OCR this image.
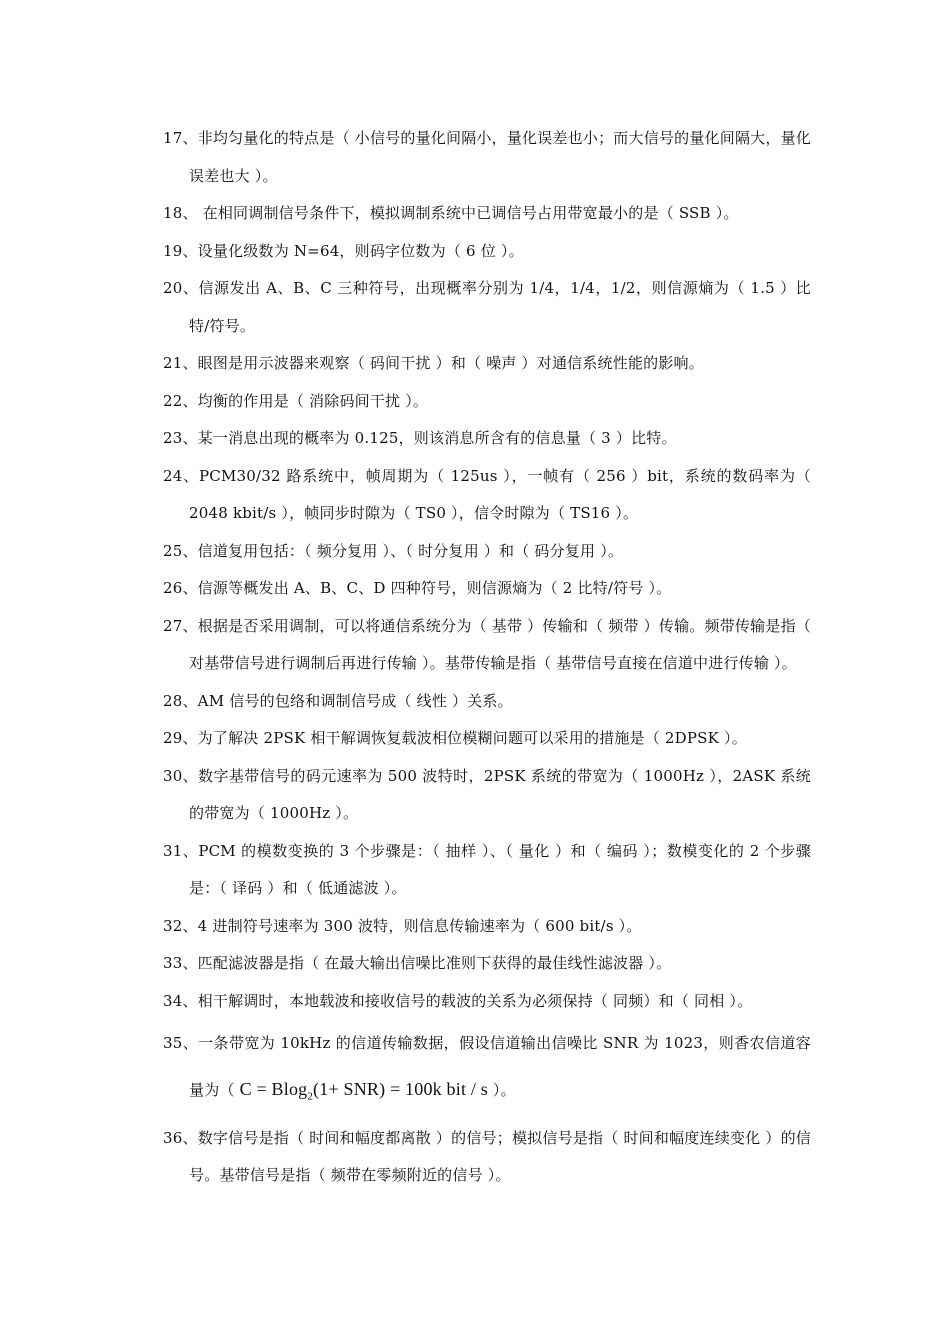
17、非均匀量化的特点是（ 小信号的量化间隔小，量化误差也小；而大信号的量化间隔大，量化误差也大 ）。
18、 在相同调制信号条件下，模拟调制系统中已调信号占用带宽最小的是（ SSB ）。
19、设量化级数为 N=64，则码字位数为（ 6 位 ）。
20、信源发出 A、B、C 三种符号，出现概率分别为 1/4，1/4，1/2，则信源熵为（ 1.5 ）比特/符号。
21、眼图是用示波器来观察（ 码间干扰 ）和（ 噪声 ）对通信系统性能的影响。
22、均衡的作用是（ 消除码间干扰 ）。
23、某一消息出现的概率为 0.125，则该消息所含有的信息量（ 3 ）比特。
24、PCM30/32 路系统中，帧周期为（ 125us ），一帧有（ 256 ）bit，系统的数码率为（ 2048 kbit/s ），帧同步时隙为（ TS0 ），信令时隙为（ TS16 ）。
25、信道复用包括：（ 频分复用 ）、（ 时分复用 ）和（ 码分复用 ）。
26、信源等概发出 A、B、C、D 四种符号，则信源熵为（ 2 比特/符号 ）。
27、根据是否采用调制，可以将通信系统分为（ 基带 ）传输和（ 频带 ）传输。频带传输是指（ 对基带信号进行调制后再进行传输 ）。基带传输是指（ 基带信号直接在信道中进行传输 ）。
28、AM 信号的包络和调制信号成（ 线性 ）关系。
29、为了解决 2PSK 相干解调恢复载波相位模糊问题可以采用的措施是（ 2DPSK ）。
30、数字基带信号的码元速率为 500 波特时，2PSK 系统的带宽为（ 1000Hz ），2ASK 系统的带宽为（ 1000Hz ）。
31、PCM 的模数变换的 3 个步骤是：（ 抽样 ）、（ 量化 ）和（ 编码 ）；数模变化的 2 个步骤是：（ 译码 ）和（ 低通滤波 ）。
32、4 进制符号速率为 300 波特，则信息传输速率为（ 600 bit/s ）。
33、匹配滤波器是指（ 在最大输出信噪比准则下获得的最佳线性滤波器 ）。
34、相干解调时，本地载波和接收信号的载波的关系为必须保持（ 同频）和（ 同相 ）。
35、一条带宽为 10kHz 的信道传输数据，假设信道输出信噪比 SNR 为 1023，则香农信道容量为（ C = Blog$_2$(1+ SNR) = 100k bit / s ）。
36、数字信号是指（ 时间和幅度都离散 ）的信号；模拟信号是指（ 时间和幅度连续变化 ）的信号。基带信号是指（ 频带在零频附近的信号 ）。
